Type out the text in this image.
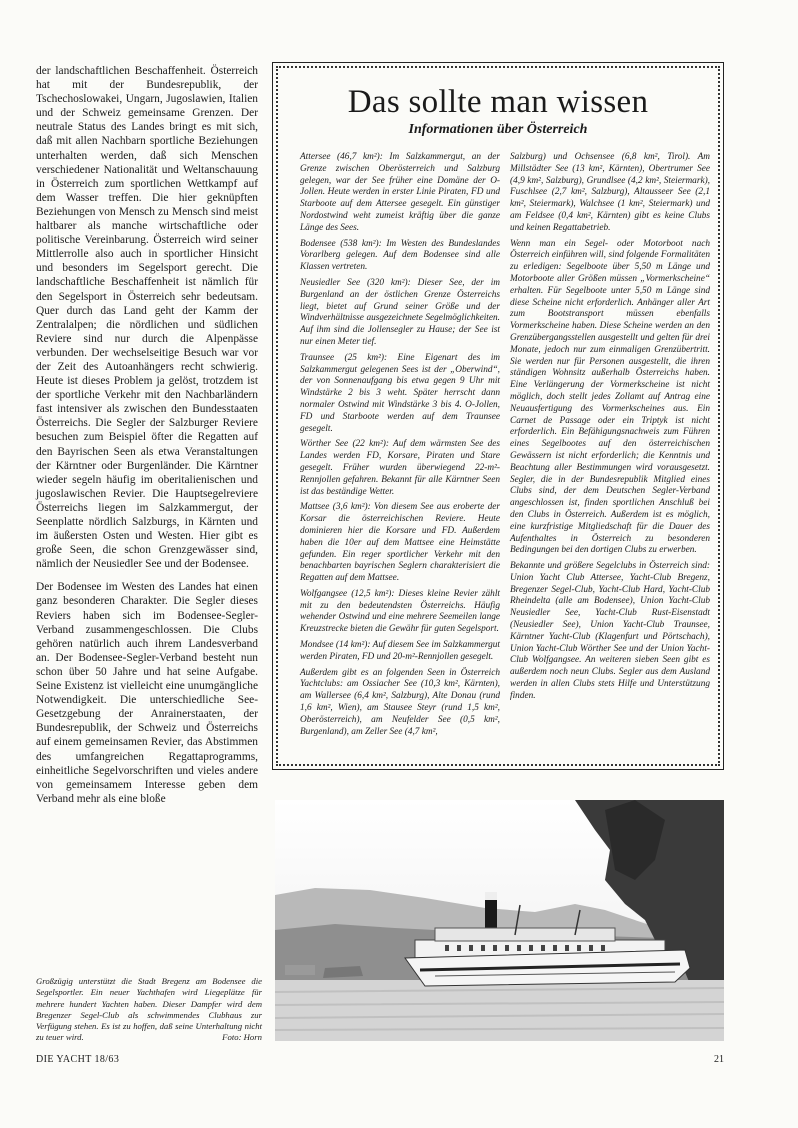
der landschaftlichen Beschaffenheit. Österreich hat mit der Bundesrepublik, der Tschechoslowakei, Ungarn, Jugoslawien, Italien und der Schweiz gemeinsame Grenzen. Der neutrale Status des Landes bringt es mit sich, daß mit allen Nachbarn sportliche Beziehungen unterhalten werden, daß sich Menschen verschiedener Nationalität und Weltanschauung in Österreich zum sportlichen Wettkampf auf dem Wasser treffen. Die hier geknüpften Beziehungen von Mensch zu Mensch sind meist haltbarer als manche wirtschaftliche oder politische Vereinbarung. Österreich wird seiner Mittlerrolle also auch in sportlicher Hinsicht und besonders im Segelsport gerecht. Die landschaftliche Beschaffenheit ist nämlich für den Segelsport in Österreich sehr bedeutsam. Quer durch das Land geht der Kamm der Zentralalpen; die nördlichen und südlichen Reviere sind nur durch die Alpenpässe verbunden. Der wechselseitige Besuch war vor der Zeit des Autoanhängers recht schwierig. Heute ist dieses Problem ja gelöst, trotzdem ist der sportliche Verkehr mit den Nachbarländern fast intensiver als zwischen den Bundesstaaten Österreichs. Die Segler der Salzburger Reviere besuchen zum Beispiel öfter die Regatten auf den Bayrischen Seen als etwa Veranstaltungen der Kärntner oder Burgenländer. Die Kärntner wieder segeln häufig im oberitalienischen und jugoslawischen Revier. Die Hauptsegelreviere Österreichs liegen im Salzkammergut, der Seenplatte nördlich Salzburgs, in Kärnten und im äußersten Osten und Westen. Hier gibt es große Seen, die schon Grenzgewässer sind, nämlich der Neusiedler See und der Bodensee.

Der Bodensee im Westen des Landes hat einen ganz besonderen Charakter. Die Segler dieses Reviers haben sich im Bodensee-Segler-Verband zusammengeschlossen. Die Clubs gehören natürlich auch ihrem Landesverband an. Der Bodensee-Segler-Verband besteht nun schon über 50 Jahre und hat seine Aufgabe. Seine Existenz ist vielleicht eine unumgängliche Notwendigkeit. Die unterschiedliche See-Gesetzgebung der Anrainerstaaten, der Bundesrepublik, der Schweiz und Österreichs auf einem gemeinsamen Revier, das Abstimmen des umfangreichen Regattaprogramms, einheitliche Segelvorschriften und vieles andere von gemeinsamem Interesse geben dem Verband mehr als eine bloße

Das sollte man wissen
Informationen über Österreich

Attersee (46,7 km²): Im Salzkammergut, an der Grenze zwischen Oberösterreich und Salzburg gelegen, war der See früher eine Domäne der O-Jollen. Heute werden in erster Linie Piraten, FD und Starboote auf dem Attersee gesegelt. Ein günstiger Nordostwind weht zumeist kräftig über die ganze Länge des Sees.

Bodensee (538 km²): Im Westen des Bundeslandes Vorarlberg gelegen. Auf dem Bodensee sind alle Klassen vertreten.

Neusiedler See (320 km²): Dieser See, der im Burgenland an der östlichen Grenze Österreichs liegt, bietet auf Grund seiner Größe und der Windverhältnisse ausgezeichnete Segelmöglichkeiten. Auf ihm sind die Jollensegler zu Hause; der See ist nur einen Meter tief.

Traunsee (25 km²): Eine Eigenart des im Salzkammergut gelegenen Sees ist der „Oberwind“, der von Sonnenaufgang bis etwa gegen 9 Uhr mit Windstärke 2 bis 3 weht. Später herrscht dann normaler Ostwind mit Windstärke 3 bis 4. O-Jollen, FD und Starboote werden auf dem Traunsee gesegelt.

Wörther See (22 km²): Auf dem wärmsten See des Landes werden FD, Korsare, Piraten und Stare gesegelt. Früher wurden überwiegend 22-m²-Rennjollen gefahren. Bekannt für alle Kärntner Seen ist das beständige Wetter.

Mattsee (3,6 km²): Von diesem See aus eroberte der Korsar die österreichischen Reviere. Heute dominieren hier die Korsare und FD. Außerdem haben die 10er auf dem Mattsee eine Heimstätte gefunden. Ein reger sportlicher Verkehr mit den benachbarten bayrischen Seglern charakterisiert die Regatten auf dem Mattsee.

Wolfgangsee (12,5 km²): Dieses kleine Revier zählt mit zu den bedeutendsten Österreichs. Häufig wehender Ostwind und eine mehrere Seemeilen lange Kreuzstrecke bieten die Gewähr für guten Segelsport.

Mondsee (14 km²): Auf diesem See im Salzkammergut werden Piraten, FD und 20-m²-Rennjollen gesegelt.

Außerdem gibt es an folgenden Seen in Österreich Yachtclubs: am Ossiacher See (10,3 km², Kärnten), am Wallersee (6,4 km², Salzburg), Alte Donau (rund 1,6 km², Wien), am Stausee Steyr (rund 1,5 km², Oberösterreich), am Neufelder See (0,5 km², Burgenland), am Zeller See (4,7 km²,

Salzburg) und Ochsensee (6,8 km², Tirol). Am Millstädter See (13 km², Kärnten), Obertrumer See (4,9 km², Salzburg), Grundlsee (4,2 km², Steiermark), Fuschlsee (2,7 km², Salzburg), Altausseer See (2,1 km², Steiermark), Walchsee (1 km², Steiermark) und am Feldsee (0,4 km², Kärnten) gibt es keine Clubs und keinen Regattabetrieb.

Wenn man ein Segel- oder Motorboot nach Österreich einführen will, sind folgende Formalitäten zu erledigen: Segelboote über 5,50 m Länge und Motorboote aller Größen müssen „Vormerkscheine“ erhalten. Für Segelboote unter 5,50 m Länge sind diese Scheine nicht erforderlich. Anhänger aller Art zum Bootstransport müssen ebenfalls Vormerkscheine haben. Diese Scheine werden an den Grenzübergangsstellen ausgestellt und gelten für drei Monate, jedoch nur zum einmaligen Grenzübertritt. Sie werden nur für Personen ausgestellt, die ihren ständigen Wohnsitz außerhalb Österreichs haben. Eine Verlängerung der Vormerkscheine ist nicht möglich, doch stellt jedes Zollamt auf Antrag eine Neuausfertigung des Vormerkscheines aus. Ein Carnet de Passage oder ein Triptyk ist nicht erforderlich. Ein Befähigungsnachweis zum Führen eines Segelbootes auf den österreichischen Gewässern ist nicht erforderlich; die Kenntnis und Beachtung aller Bestimmungen wird vorausgesetzt. Segler, die in der Bundesrepublik Mitglied eines Clubs sind, der dem Deutschen Segler-Verband angeschlossen ist, finden sportlichen Anschluß bei den Clubs in Österreich. Außerdem ist es möglich, eine kurzfristige Mitgliedschaft für die Dauer des Aufenthaltes in Österreich zu besonderen Bedingungen bei den dortigen Clubs zu erwerben.

Bekannte und größere Segelclubs in Österreich sind: Union Yacht Club Attersee, Yacht-Club Bregenz, Bregenzer Segel-Club, Yacht-Club Hard, Yacht-Club Rheindelta (alle am Bodensee), Union Yacht-Club Neusiedler See, Yacht-Club Rust-Eisenstadt (Neusiedler See), Union Yacht-Club Traunsee, Kärntner Yacht-Club (Klagenfurt und Pörtschach), Union Yacht-Club Wörther See und der Union Yacht-Club Wolfgangsee. An weiteren sieben Seen gibt es außerdem noch neun Clubs. Segler aus dem Ausland werden in allen Clubs stets Hilfe und Unterstützung finden.

Großzügig unterstützt die Stadt Bregenz am Bodensee die Segelsportler. Ein neuer Yachthafen wird Liegeplätze für mehrere hundert Yachten haben. Dieser Dampfer wird dem Bregenzer Segel-Club als schwimmendes Clubhaus zur Verfügung stehen. Es ist zu hoffen, daß seine Unterhaltung nicht zu teuer wird.	Foto: Horn
DIE YACHT 18/63	21
